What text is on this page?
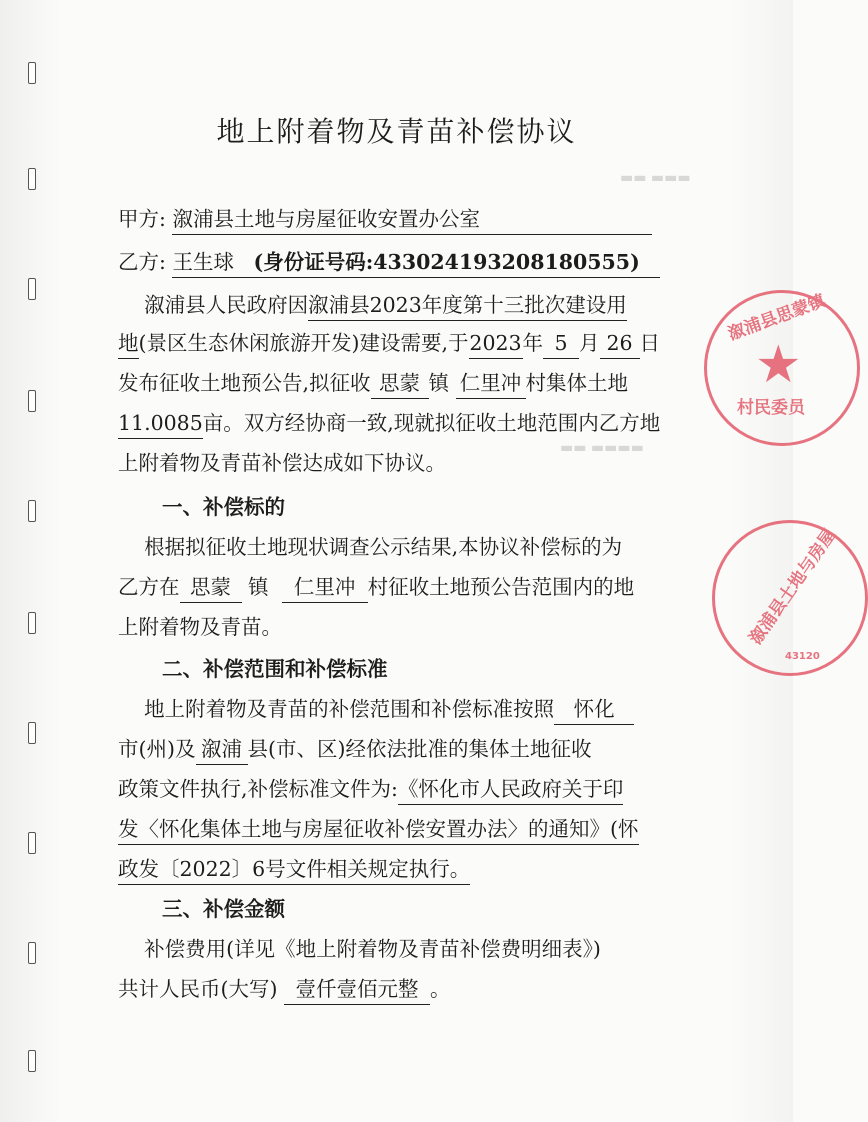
溆浦县思蒙镇
★
村民委员
溆浦县土地与房屋
43120
▬▬ ▬▬▬
▬▬ ▬▬▬▬
地上附着物及青苗补偿协议
甲方: 溆浦县土地与房屋征收安置办公室
乙方: 王生球 (身份证号码:433024193208180555)
溆浦县人民政府因溆浦县2023年度第十三批次建设用
地(景区生态休闲旅游开发)建设需要,于2023年 5 月 26 日
发布征收土地预公告,拟征收 思蒙 镇 仁里冲 村集体土地
11.0085亩。双方经协商一致,现就拟征收土地范围内乙方地
上附着物及青苗补偿达成如下协议。
一、补偿标的
根据拟征收土地现状调查公示结果,本协议补偿标的为
乙方在 思蒙 镇 仁里冲 村征收土地预公告范围内的地
上附着物及青苗。
二、补偿范围和补偿标准
地上附着物及青苗的补偿范围和补偿标准按照 怀化
市(州)及 溆浦 县(市、区)经依法批准的集体土地征收
政策文件执行,补偿标准文件为:《怀化市人民政府关于印
发〈怀化集体土地与房屋征收补偿安置办法〉的通知》(怀
政发〔2022〕6号文件相关规定执行。
三、补偿金额
补偿费用(详见《地上附着物及青苗补偿费明细表》)
共计人民币(大写) 壹仟壹佰元整 。
